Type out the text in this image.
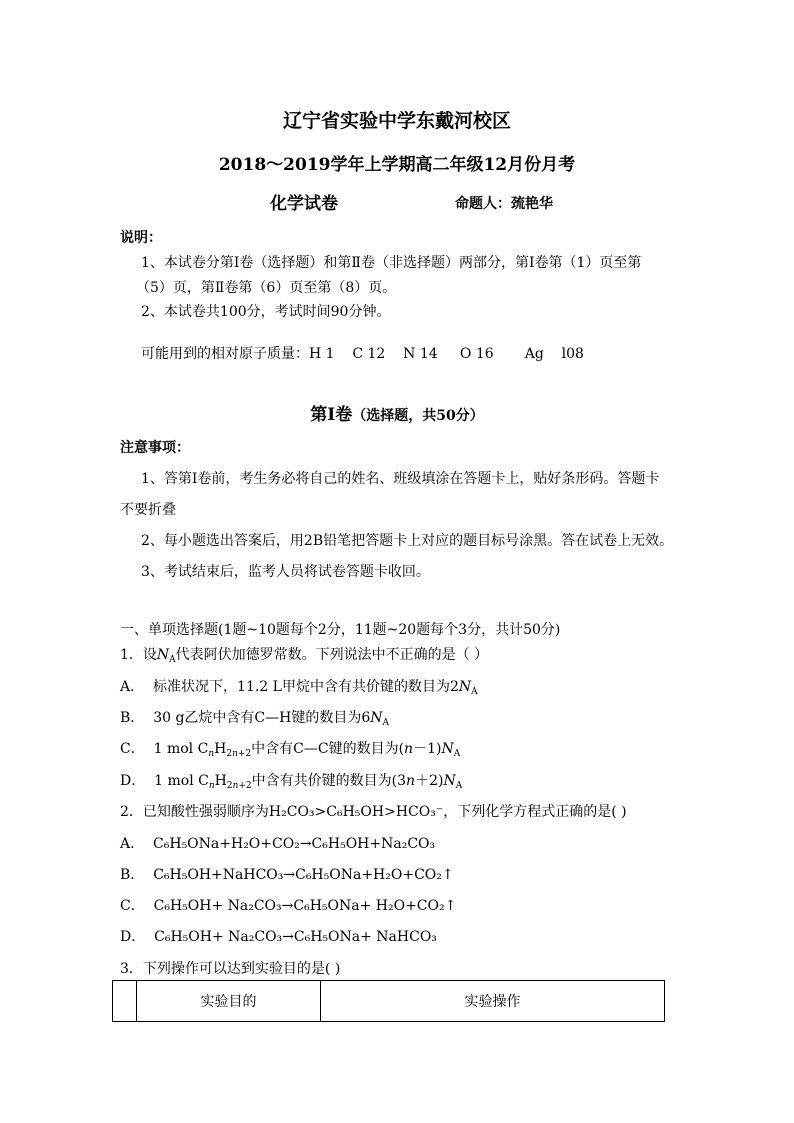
辽宁省实验中学东戴河校区
2018～2019学年上学期高二年级12月份月考
化学试卷	命题人：巯艳华
说明：
1、本试卷分第Ⅰ卷（选择题）和第Ⅱ卷（非选择题）两部分，第Ⅰ卷第（1）页至第
（5）页，第Ⅱ卷第（6）页至第（8）页。
2、本试卷共100分，考试时间90分钟。
可能用到的相对原子质量：H 1    C 12    N 14     O 16       Ag    l08
第Ⅰ卷（选择题，共50分）
注意事项：
1、答第Ⅰ卷前，考生务必将自己的姓名、班级填涂在答题卡上，贴好条形码。答题卡
不要折叠
2、每小题选出答案后，用2B铅笔把答题卡上对应的题目标号涂黑。答在试卷上无效。
3、考试结束后，监考人员将试卷答题卡收回。
一、单项选择题(1题~10题每个2分，11题~20题每个3分，共计50分)
1．设$N_A$代表阿伏加德罗常数。下列说法中不正确的是（ ）
A． 标准状况下，11.2 L甲烷中含有共价键的数目为$2N_A$
B． 30 g乙烷中含有C—H键的数目为$6N_A$
C． 1 mol $C_nH_{2n+2}$中含有C—C键的数目为$(n-1)N_A$
D． 1 mol $C_nH_{2n+2}$中含有共价键的数目为$(3n+2)N_A$
2．已知酸性强弱顺序为H₂CO₃>C₆H₅OH>HCO₃⁻，下列化学方程式正确的是( )
A． C₆H₅ONa+H₂O+CO₂→C₆H₅OH+Na₂CO₃
B． C₆H₅OH+NaHCO₃→C₆H₅ONa+H₂O+CO₂↑
C． C₆H₅OH+ Na₂CO₃→C₆H₅ONa+ H₂O+CO₂↑
D． C₆H₅OH+ Na₂CO₃→C₆H₅ONa+ NaHCO₃
3．下列操作可以达到实验目的是( )
实验目的	实验操作
